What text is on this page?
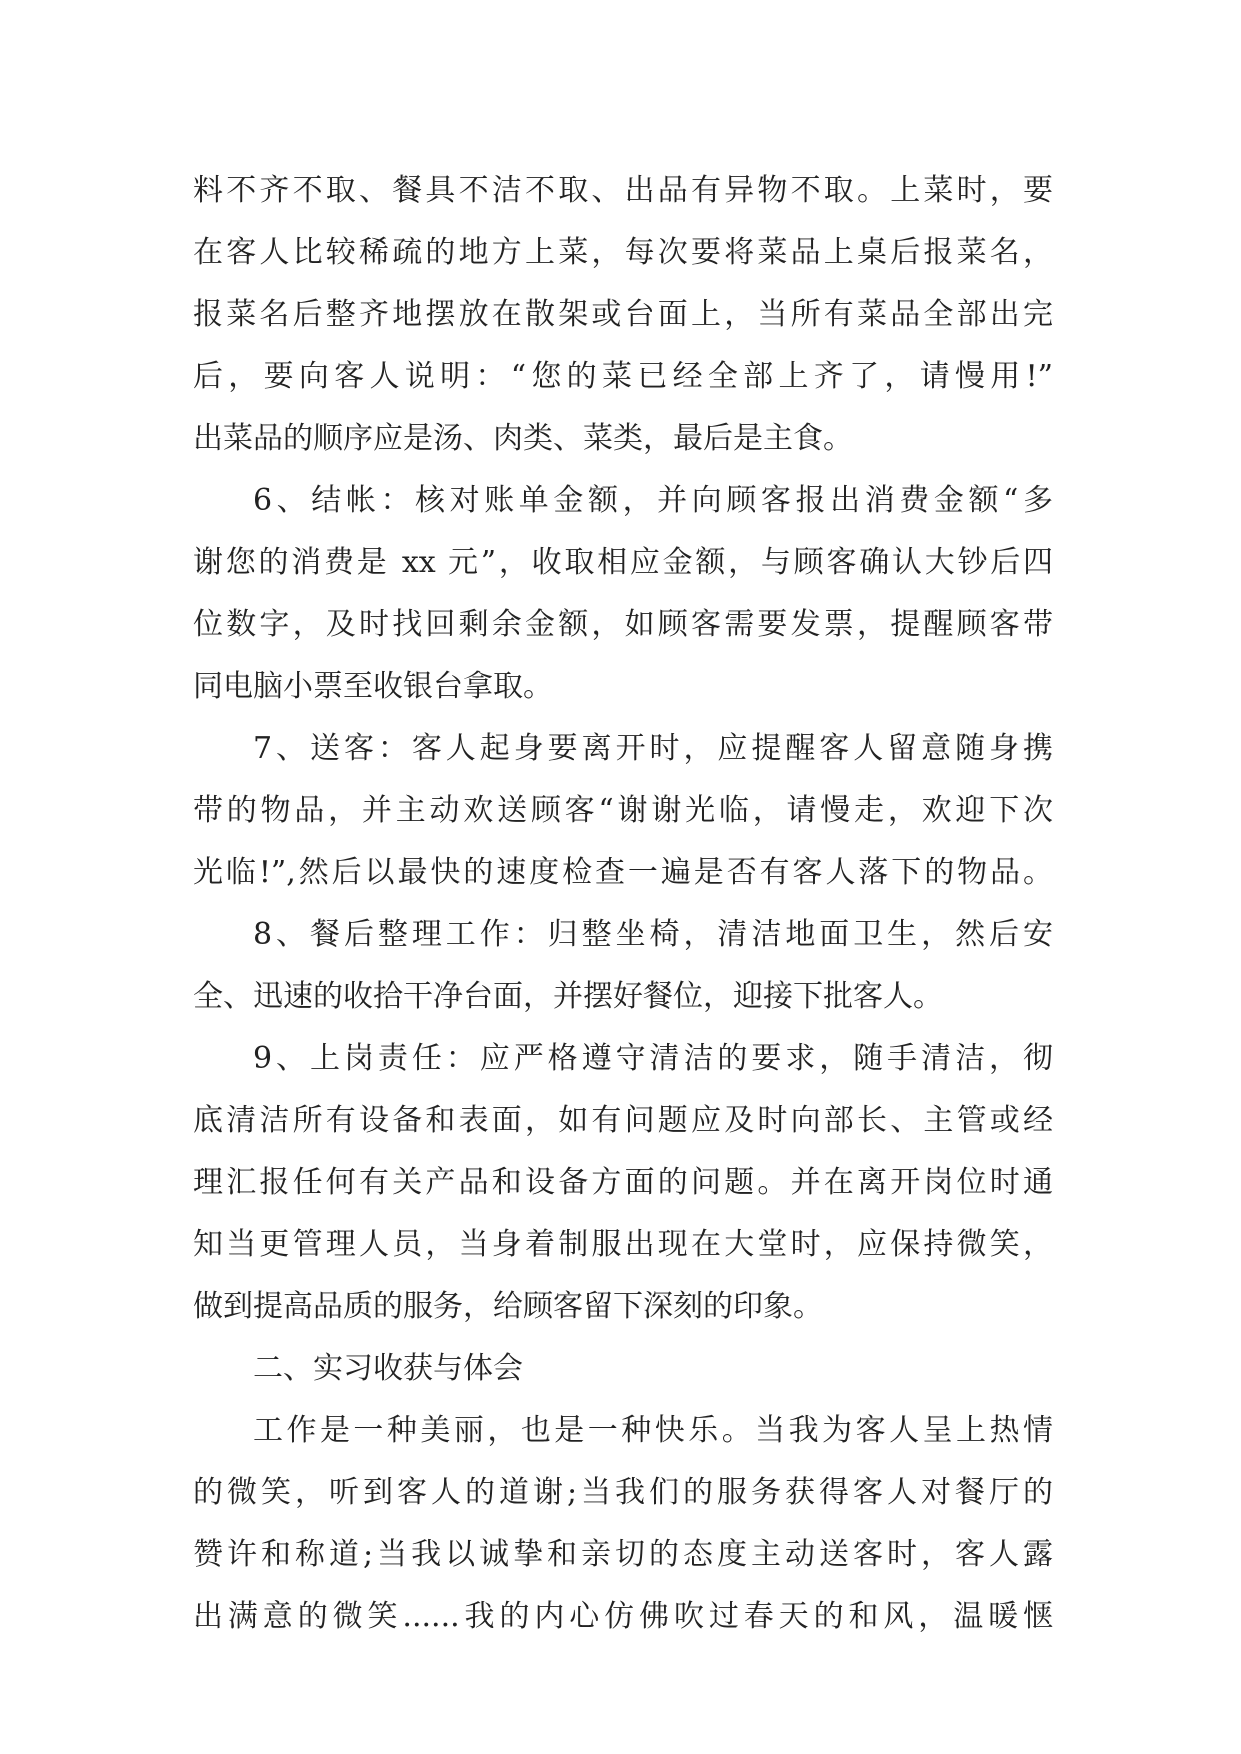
料不齐不取、餐具不洁不取、出品有异物不取。上菜时，要
在客人比较稀疏的地方上菜，每次要将菜品上桌后报菜名，
报菜名后整齐地摆放在散架或台面上，当所有菜品全部出完
后，要向客人说明：“您的菜已经全部上齐了，请慢用!”
出菜品的顺序应是汤、肉类、菜类，最后是主食。
6、结帐：核对账单金额，并向顾客报出消费金额“多
谢您的消费是 xx 元”，收取相应金额，与顾客确认大钞后四
位数字，及时找回剩余金额，如顾客需要发票，提醒顾客带
同电脑小票至收银台拿取。
7、送客：客人起身要离开时，应提醒客人留意随身携
带的物品，并主动欢送顾客“谢谢光临，请慢走，欢迎下次
光临!”,然后以最快的速度检查一遍是否有客人落下的物品。
8、餐后整理工作：归整坐椅，清洁地面卫生，然后安
全、迅速的收拾干净台面，并摆好餐位，迎接下批客人。
9、上岗责任：应严格遵守清洁的要求，随手清洁，彻
底清洁所有设备和表面，如有问题应及时向部长、主管或经
理汇报任何有关产品和设备方面的问题。并在离开岗位时通
知当更管理人员，当身着制服出现在大堂时，应保持微笑，
做到提高品质的服务，给顾客留下深刻的印象。
二、实习收获与体会
工作是一种美丽，也是一种快乐。当我为客人呈上热情
的微笑，听到客人的道谢;当我们的服务获得客人对餐厅的
赞许和称道;当我以诚挚和亲切的态度主动送客时，客人露
出满意的微笑......我的内心仿佛吹过春天的和风，温暖惬
